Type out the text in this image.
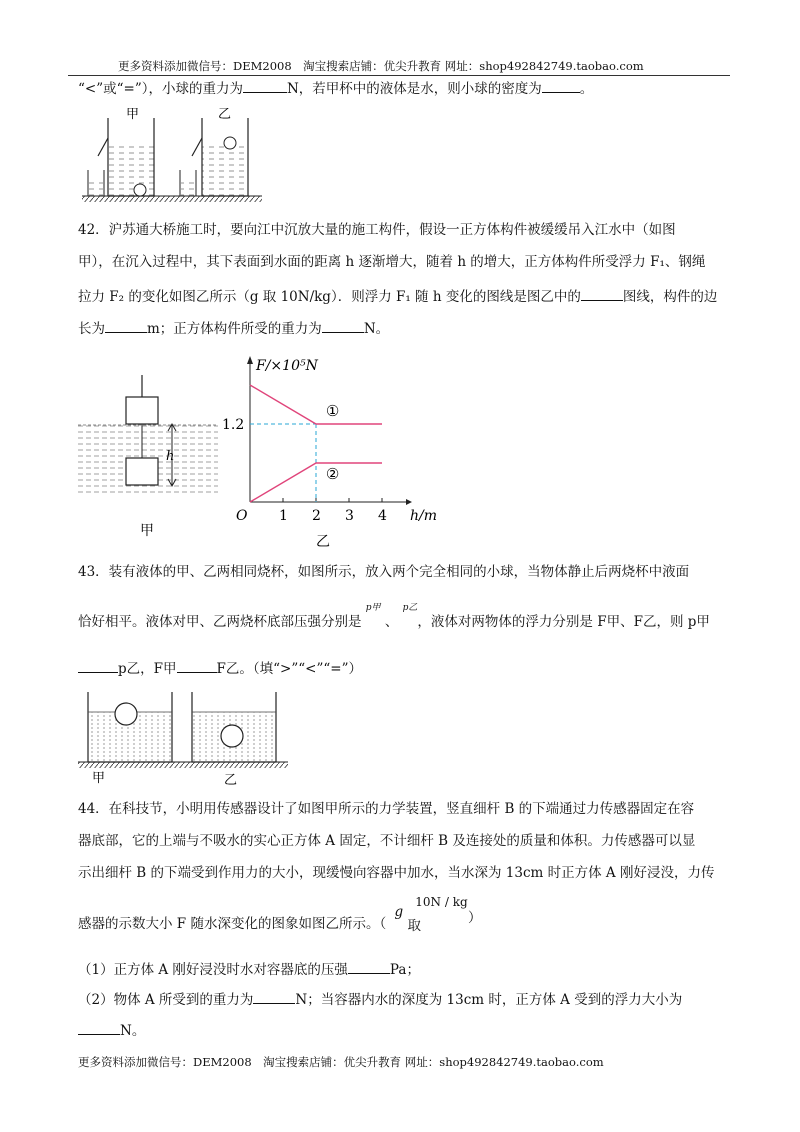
更多资料添加微信号：DEM2008　淘宝搜索店铺：优尖升教育 网址：shop492842749.taobao.com
“<”或“=”），小球的重力为	N，若甲杯中的液体是水，则小球的密度为	。
甲	乙
42．沪苏通大桥施工时，要向江中沉放大量的施工构件，假设一正方体构件被缓缓吊入江水中（如图
甲），在沉入过程中，其下表面到水面的距离 h 逐渐增大，随着 h 的增大，正方体构件所受浮力 F₁、钢绳
拉力 F₂ 的变化如图乙所示（g 取 10N/kg）．则浮力 F₁ 随 h 变化的图线是图乙中的	图线，构件的边
长为	m；正方体构件所受的重力为	N。
h
甲
F/×10⁵N
h/m
O 1 2 3 4
1.2
①
②
乙
43．装有液体的甲、乙两相同烧杯，如图所示，放入两个完全相同的小球，当物体静止后两烧杯中液面
恰好相平。液体对甲、乙两烧杯底部压强分别是 $^{p甲}$ 、 $^{p乙}$，液体对两物体的浮力分别是 F甲、F乙，则 p甲
p乙，F甲	F乙。（填“>”“<”“=”）
甲	乙
44．在科技节，小明用传感器设计了如图甲所示的力学装置，竖直细杆 B 的下端通过力传感器固定在容
器底部，它的上端与不吸水的实心正方体 A 固定，不计细杆 B 及连接处的质量和体积。力传感器可以显
示出细杆 B 的下端受到作用力的大小，现缓慢向容器中加水，当水深为 13cm 时正方体 A 刚好浸没，力传
感器的示数大小 F 随水深变化的图象如图乙所示。（ g 取 10N / kg ）
（1）正方体 A 刚好浸没时水对容器底的压强	Pa；
（2）物体 A 所受到的重力为	N；当容器内水的深度为 13cm 时，正方体 A 受到的浮力大小为
N。
更多资料添加微信号：DEM2008　淘宝搜索店铺：优尖升教育 网址：shop492842749.taobao.com
